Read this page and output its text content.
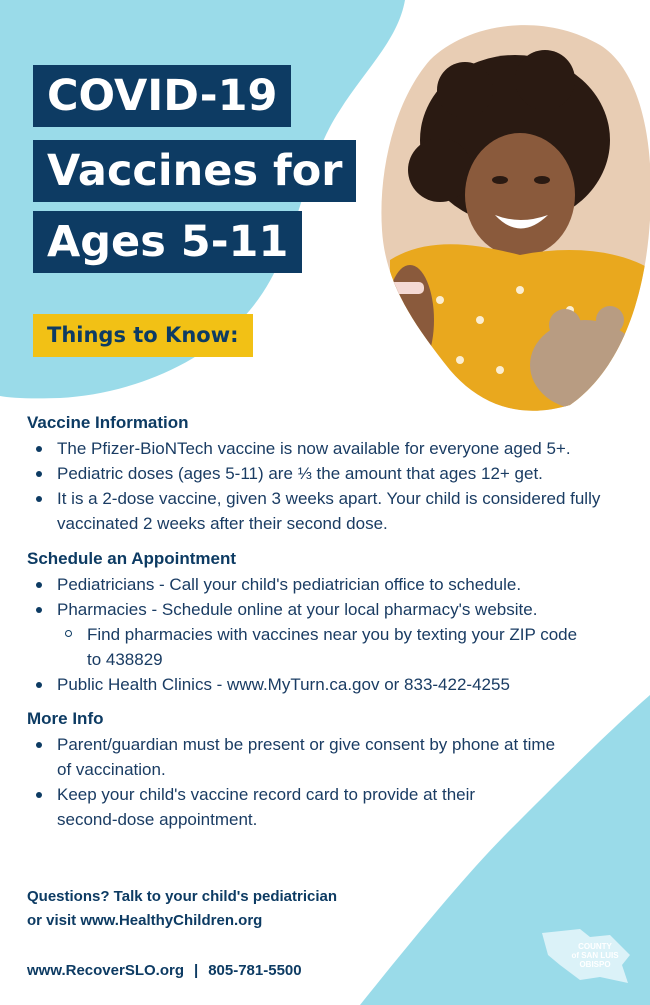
COVID-19
Vaccines for
Ages 5-11
Things to Know:
Vaccine Information
The Pfizer-BioNTech vaccine is now available for everyone aged 5+.
Pediatric doses (ages 5-11) are ⅓ the amount that ages 12+ get.
It is a 2-dose vaccine, given 3 weeks apart. Your child is considered fully vaccinated 2 weeks after their second dose.
Schedule an Appointment
Pediatricians - Call your child's pediatrician office to schedule.
Pharmacies - Schedule online at your local pharmacy's website.
Find pharmacies with vaccines near you by texting your ZIP code to 438829
Public Health Clinics - www.MyTurn.ca.gov or 833-422-4255
More Info
Parent/guardian must be present or give consent by phone at time of vaccination.
Keep your child's vaccine record card to provide at their second-dose appointment.
Questions? Talk to your child's pediatrician
or visit www.HealthyChildren.org
www.RecoverSLO.org | 805-781-5500
COUNTY
of SAN LUIS
OBISPO
